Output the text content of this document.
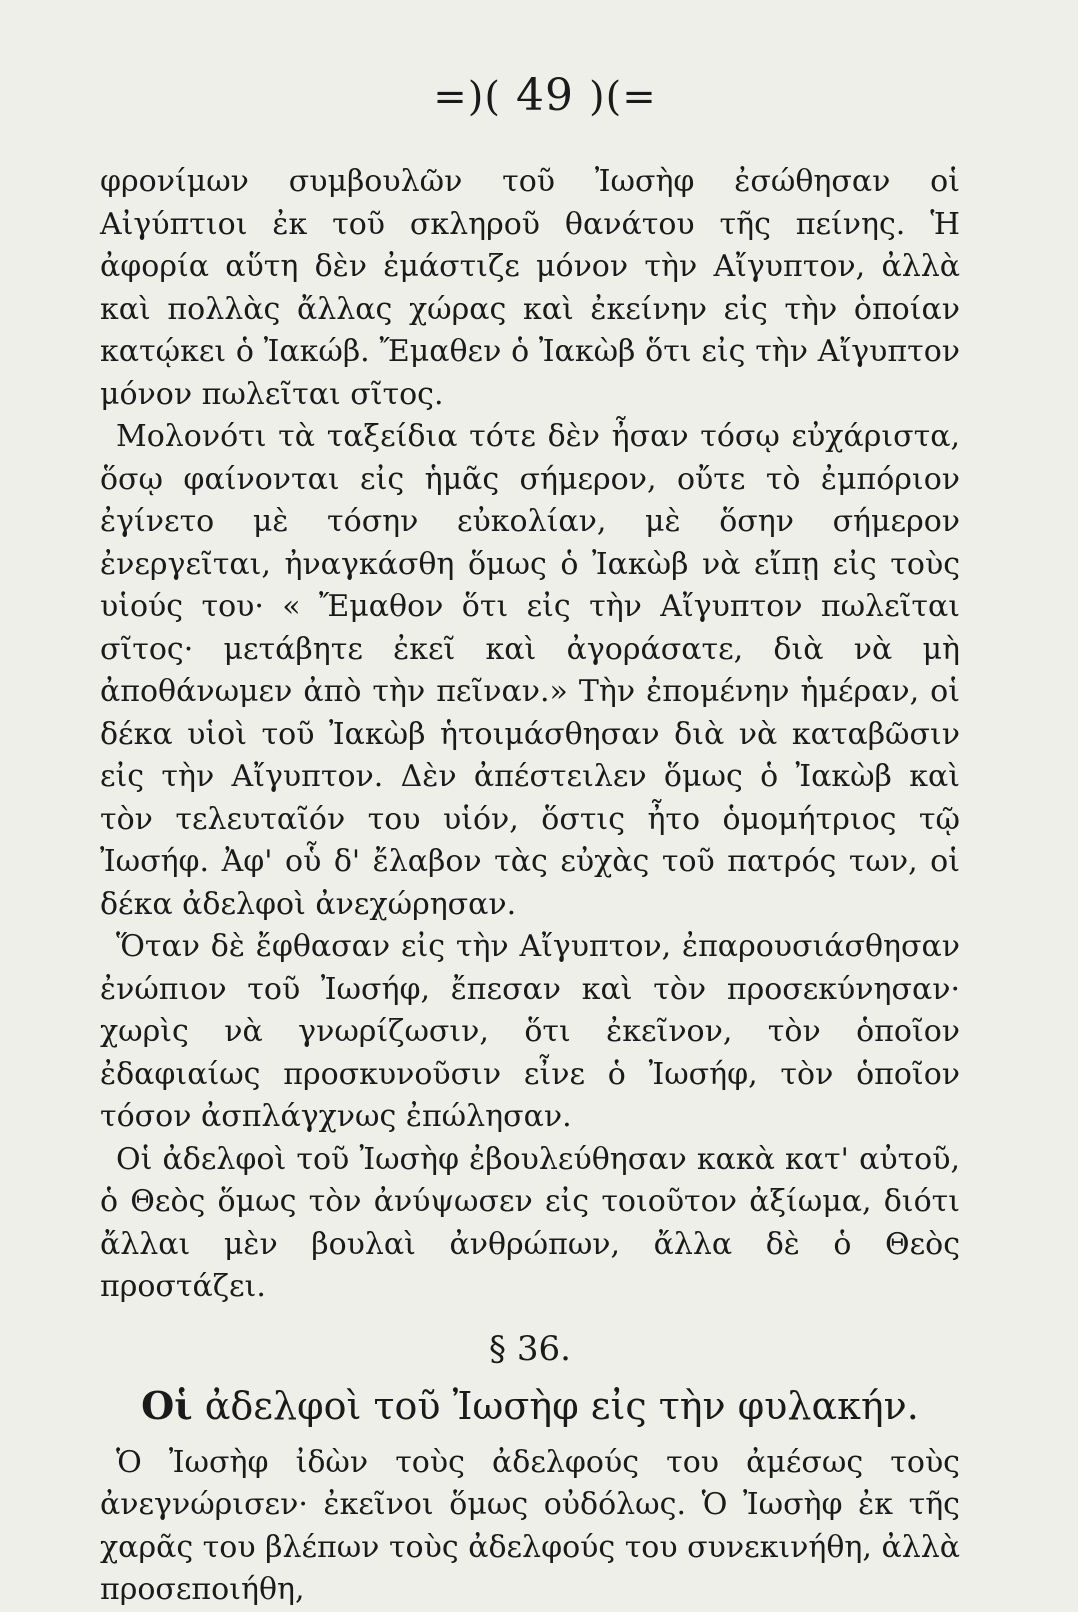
=)( 49 )(=

φρονίμων συμβουλῶν τοῦ Ἰωσὴφ ἐσώθησαν οἱ Αἰγύπτιοι ἐκ τοῦ σκληροῦ θανάτου τῆς πείνης. Ἡ ἀφορία αὕτη δὲν ἐμάστιζε μόνον τὴν Αἴγυπτον, ἀλλὰ καὶ πολλὰς ἄλλας χώρας καὶ ἐκείνην εἰς τὴν ὁποίαν κατῴκει ὁ Ἰακώβ. Ἔμαθεν ὁ Ἰακὼβ ὅτι εἰς τὴν Αἴγυπτον μόνον πωλεῖται σῖτος.

Μολονότι τὰ ταξείδια τότε δὲν ἦσαν τόσῳ εὐχάριστα, ὅσῳ φαίνονται εἰς ἡμᾶς σήμερον, οὔτε τὸ ἐμπόριον ἐγίνετο μὲ τόσην εὐκολίαν, μὲ ὅσην σήμερον ἐνεργεῖται, ἠναγκάσθη ὅμως ὁ Ἰακὼβ νὰ εἴπῃ εἰς τοὺς υἱούς του· « Ἔμαθον ὅτι εἰς τὴν Αἴγυπτον πωλεῖται σῖτος· μετάβητε ἐκεῖ καὶ ἀγοράσατε, διὰ νὰ μὴ ἀποθάνωμεν ἀπὸ τὴν πεῖναν.» Τὴν ἐπομένην ἡμέραν, οἱ δέκα υἱοὶ τοῦ Ἰακὼβ ἡτοιμάσθησαν διὰ νὰ καταβῶσιν εἰς τὴν Αἴγυπτον. Δὲν ἀπέστειλεν ὅμως ὁ Ἰακὼβ καὶ τὸν τελευταῖόν του υἱόν, ὅστις ἦτο ὁμομήτριος τῷ Ἰωσήφ. Ἀφ' οὗ δ' ἔλαβον τὰς εὐχὰς τοῦ πατρός των, οἱ δέκα ἀδελφοὶ ἀνεχώρησαν.

Ὅταν δὲ ἔφθασαν εἰς τὴν Αἴγυπτον, ἐπαρουσιάσθησαν ἐνώπιον τοῦ Ἰωσήφ, ἔπεσαν καὶ τὸν προσεκύνησαν· χωρὶς νὰ γνωρίζωσιν, ὅτι ἐκεῖνον, τὸν ὁποῖον ἐδαφιαίως προσκυνοῦσιν εἶνε ὁ Ἰωσήφ, τὸν ὁποῖον τόσον ἀσπλάγχνως ἐπώλησαν.

Οἱ ἀδελφοὶ τοῦ Ἰωσὴφ ἐβουλεύθησαν κακὰ κατ' αὐτοῦ, ὁ Θεὸς ὅμως τὸν ἀνύψωσεν εἰς τοιοῦτον ἀξίωμα, διότι ἄλλαι μὲν βουλαὶ ἀνθρώπων, ἄλλα δὲ ὁ Θεὸς προστάζει.

§ 36.
Οἱ ἀδελφοὶ τοῦ Ἰωσὴφ εἰς τὴν φυλακήν.

Ὁ Ἰωσὴφ ἰδὼν τοὺς ἀδελφούς του ἀμέσως τοὺς ἀνεγνώρισεν· ἐκεῖνοι ὅμως οὐδόλως. Ὁ Ἰωσὴφ ἐκ τῆς χαρᾶς του βλέπων τοὺς ἀδελφούς του συνεκινήθη, ἀλλὰ προσεποιήθη,
